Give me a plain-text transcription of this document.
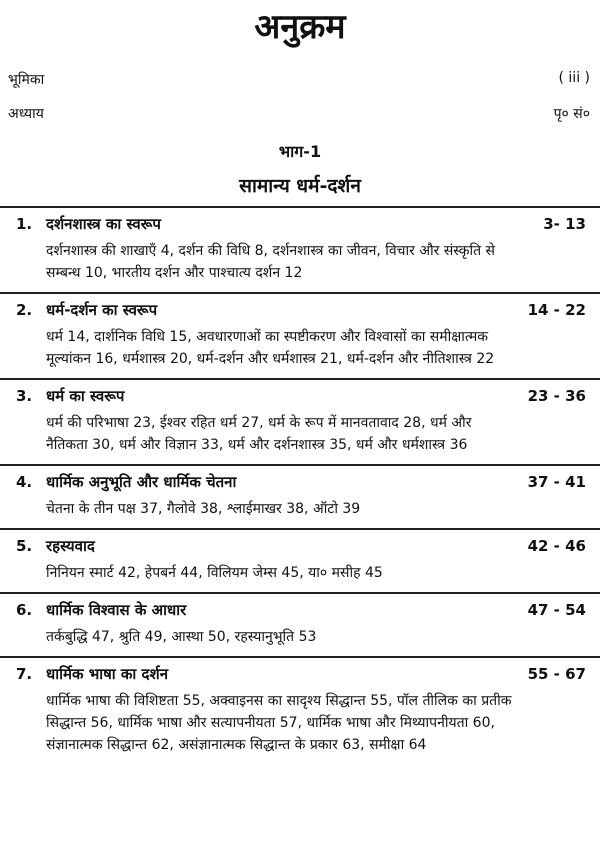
अनुक्रम
भूमिका	( iii )
अध्याय	पृ० सं०
भाग-1
सामान्य धर्म-दर्शन
1. दर्शनशास्त्र का स्वरूप	3- 13
दर्शनशास्त्र की शाखाएँ 4, दर्शन की विधि 8, दर्शनशास्त्र का जीवन, विचार और संस्कृति से सम्बन्ध 10, भारतीय दर्शन और पाश्चात्य दर्शन 12
2. धर्म-दर्शन का स्वरूप	14 - 22
धर्म 14, दार्शनिक विधि 15, अवधारणाओं का स्पष्टीकरण और विश्वासों का समीक्षात्मक मूल्यांकन 16, धर्मशास्त्र 20, धर्म-दर्शन और धर्मशास्त्र 21, धर्म-दर्शन और नीतिशास्त्र 22
3. धर्म का स्वरूप	23 - 36
धर्म की परिभाषा 23, ईश्वर रहित धर्म 27, धर्म के रूप में मानवतावाद 28, धर्म और नैतिकता 30, धर्म और विज्ञान 33, धर्म और दर्शनशास्त्र 35, धर्म और धर्मशास्त्र 36
4. धार्मिक अनुभूति और धार्मिक चेतना	37 - 41
चेतना के तीन पक्ष 37, गैलोवे 38, श्लाईमाखर 38, ऑटो 39
5. रहस्यवाद	42 - 46
निनियन स्मार्ट 42, हेपबर्न 44, विलियम जेम्स 45, या० मसीह 45
6. धार्मिक विश्वास के आधार	47 - 54
तर्कबुद्धि 47, श्रुति 49, आस्था 50, रहस्यानुभूति 53
7. धार्मिक भाषा का दर्शन	55 - 67
धार्मिक भाषा की विशिष्टता 55, अक्वाइनस का सादृश्य सिद्धान्त 55, पॉल तीलिक का प्रतीक सिद्धान्त 56, धार्मिक भाषा और सत्यापनीयता 57, धार्मिक भाषा और मिथ्यापनीयता 60, संज्ञानात्मक सिद्धान्त 62, असंज्ञानात्मक सिद्धान्त के प्रकार 63, समीक्षा 64
